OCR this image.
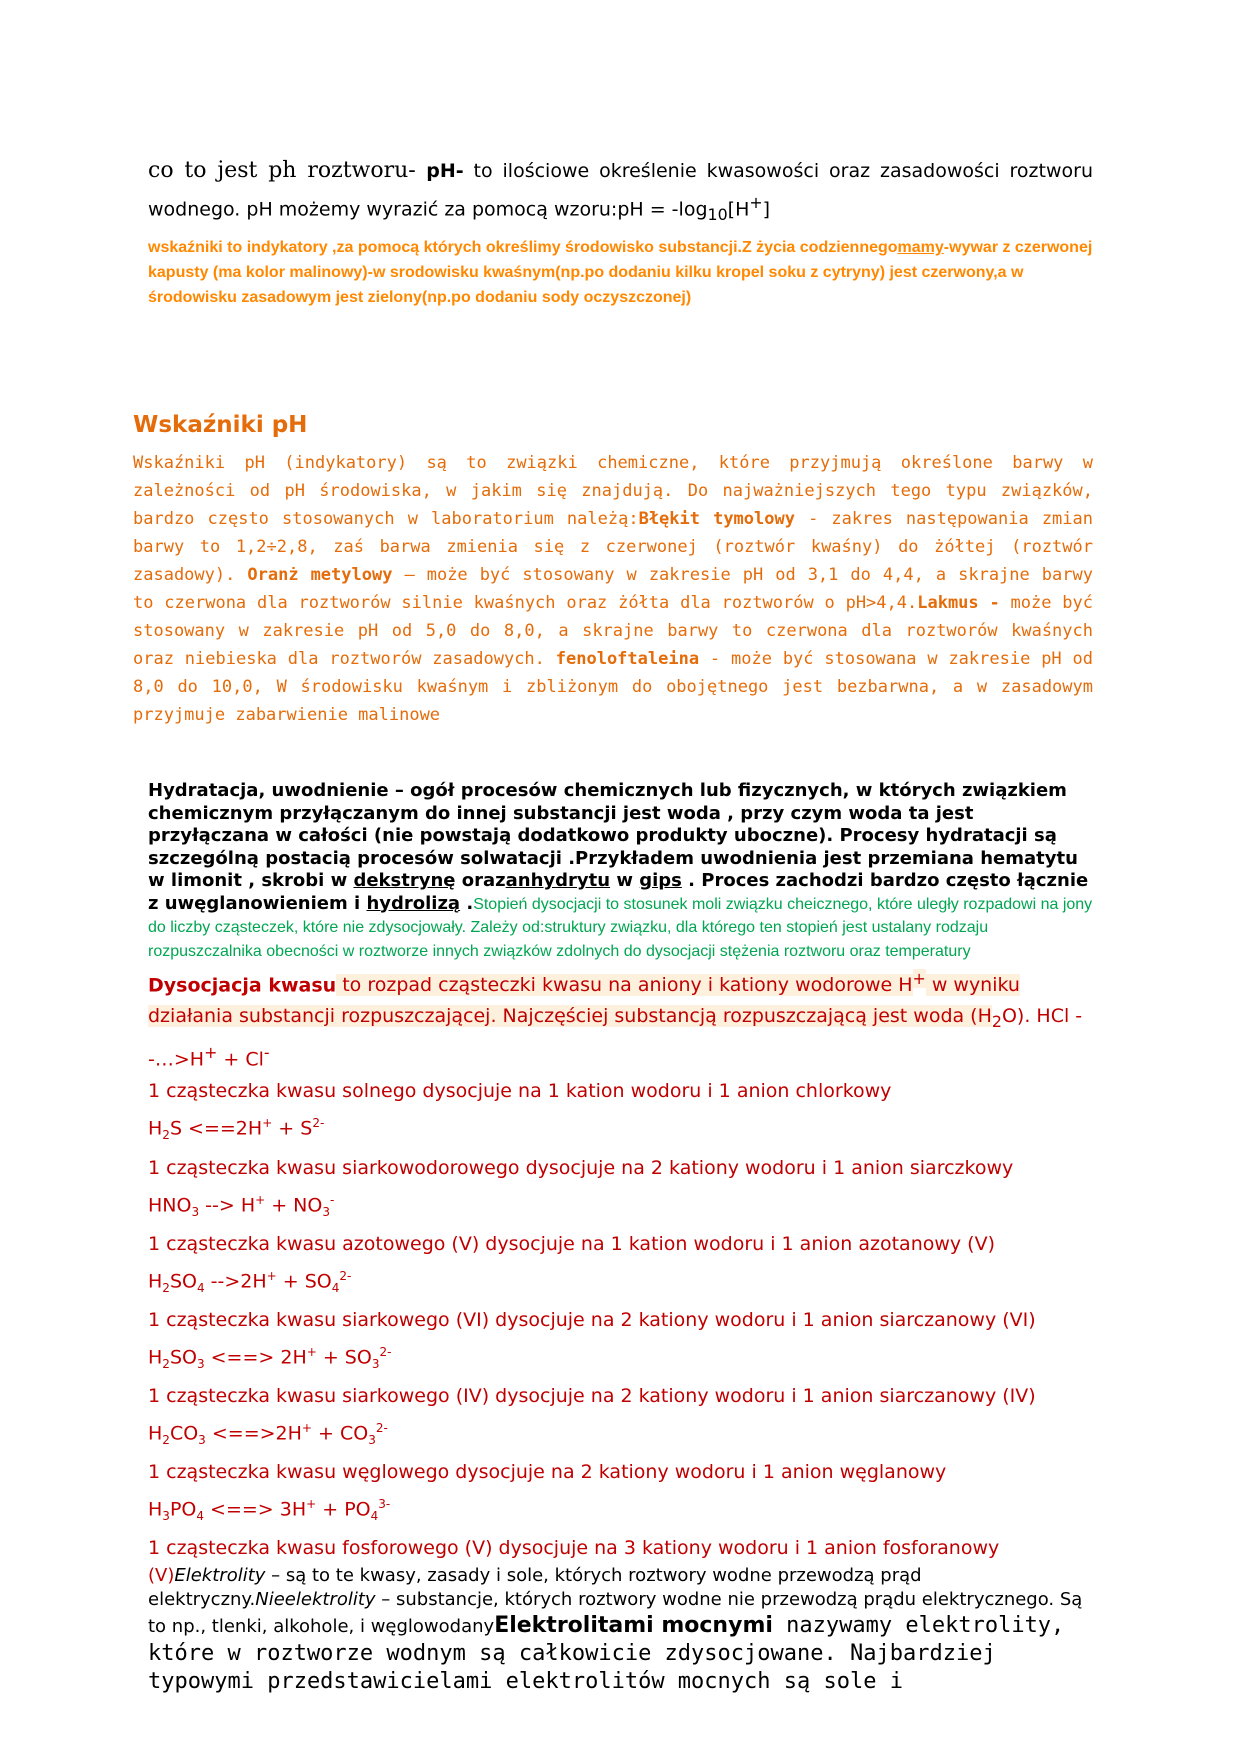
co to jest ph roztworu- pH- to ilościowe określenie kwasowości oraz zasadowości roztworu wodnego. pH możemy wyrazić za pomocą wzoru:pH = $-\log_{10}[H^+]$

wskaźniki to indykatory ,za pomocą których określimy środowisko substancji.Z życia codziennegomamy-wywar z czerwonej kapusty (ma kolor malinowy)-w srodowisku kwaśnym(np.po dodaniu kilku kropel soku z cytryny) jest czerwony,a w środowisku zasadowym jest zielony(np.po dodaniu sody oczyszczonej)

Wskaźniki pH

Wskaźniki pH (indykatory) są to związki chemiczne, które przyjmują określone barwy w zależności od pH środowiska, w jakim się znajdują. Do najważniejszych tego typu związków, bardzo często stosowanych w laboratorium należą:Błękit tymolowy - zakres następowania zmian barwy to 1,2÷2,8, zaś barwa zmienia się z czerwonej (roztwór kwaśny) do żółtej (roztwór zasadowy). Oranż metylowy – może być stosowany w zakresie pH od 3,1 do 4,4, a skrajne barwy to czerwona dla roztworów silnie kwaśnych oraz żółta dla roztworów o pH>4,4.Lakmus - może być stosowany w zakresie pH od 5,0 do 8,0, a skrajne barwy to czerwona dla roztworów kwaśnych oraz niebieska dla roztworów zasadowych. fenoloftaleina - może być stosowana w zakresie pH od 8,0 do 10,0, W środowisku kwaśnym i zbliżonym do obojętnego jest bezbarwna, a w zasadowym przyjmuje zabarwienie malinowe

Hydratacja, uwodnienie – ogół procesów chemicznych lub fizycznych, w których związkiem chemicznym przyłączanym do innej substancji jest woda , przy czym woda ta jest przyłączana w całości (nie powstają dodatkowo produkty uboczne). Procesy hydratacji są szczególną postacią procesów solwatacji .Przykładem uwodnienia jest przemiana hematytu w limonit , skrobi w dekstrynę orazanhydrytu w gips . Proces zachodzi bardzo często łącznie z uwęglanowieniem i hydrolizą .Stopień dysocjacji to stosunek moli związku cheicznego, które uległy rozpadowi na jony do liczby cząsteczek, które nie zdysocjowały. Zależy od:struktury związku, dla którego ten stopień jest ustalany rodzaju rozpuszczalnika obecności w roztworze innych związków zdolnych do dysocjacji stężenia roztworu oraz temperatury

Dysocjacja kwasu to rozpad cząsteczki kwasu na aniony i kationy wodorowe H+ w wyniku działania substancji rozpuszczającej. Najczęściej substancją rozpuszczającą jest woda $(H_2O)$. HCl --…>H+ + Cl-

1 cząsteczka kwasu solnego dysocjuje na 1 kation wodoru i 1 anion chlorkowy

$H_2S <==2H^+ + S^{2-}$

1 cząsteczka kwasu siarkowodorowego dysocjuje na 2 kationy wodoru i 1 anion siarczkowy

$HNO_3$ --> $H^+ + NO_3^-$

1 cząsteczka kwasu azotowego (V) dysocjuje na 1 kation wodoru i 1 anion azotanowy (V)

$H_2SO_4$ $-->2H^+ + SO_4^{2-}$

1 cząsteczka kwasu siarkowego (VI) dysocjuje na 2 kationy wodoru i 1 anion siarczanowy (VI)

$H_2SO_3$ <==> $2H^+ + SO_3^{2-}$

1 cząsteczka kwasu siarkowego (IV) dysocjuje na 2 kationy wodoru i 1 anion siarczanowy (IV)

$H_2CO_3 <==>2H^+ + CO_3^{2-}$

1 cząsteczka kwasu węglowego dysocjuje na 2 kationy wodoru i 1 anion węglanowy

$H_3PO_4$ <==> $3H^+ + PO_4^{3-}$

1 cząsteczka kwasu fosforowego (V) dysocjuje na 3 kationy wodoru i 1 anion fosforanowy

(V)Elektrolity – są to te kwasy, zasady i sole, których roztwory wodne przewodzą prąd elektryczny.Nieelektrolity – substancje, których roztwory wodne nie przewodzą prądu elektrycznego. Są to np., tlenki, alkohole, i węglowodanyElektrolitami mocnymi nazywamy elektrolity, które w roztworze wodnym są całkowicie zdysocjowane. Najbardziej typowymi przedstawicielami elektrolitów mocnych są sole i
